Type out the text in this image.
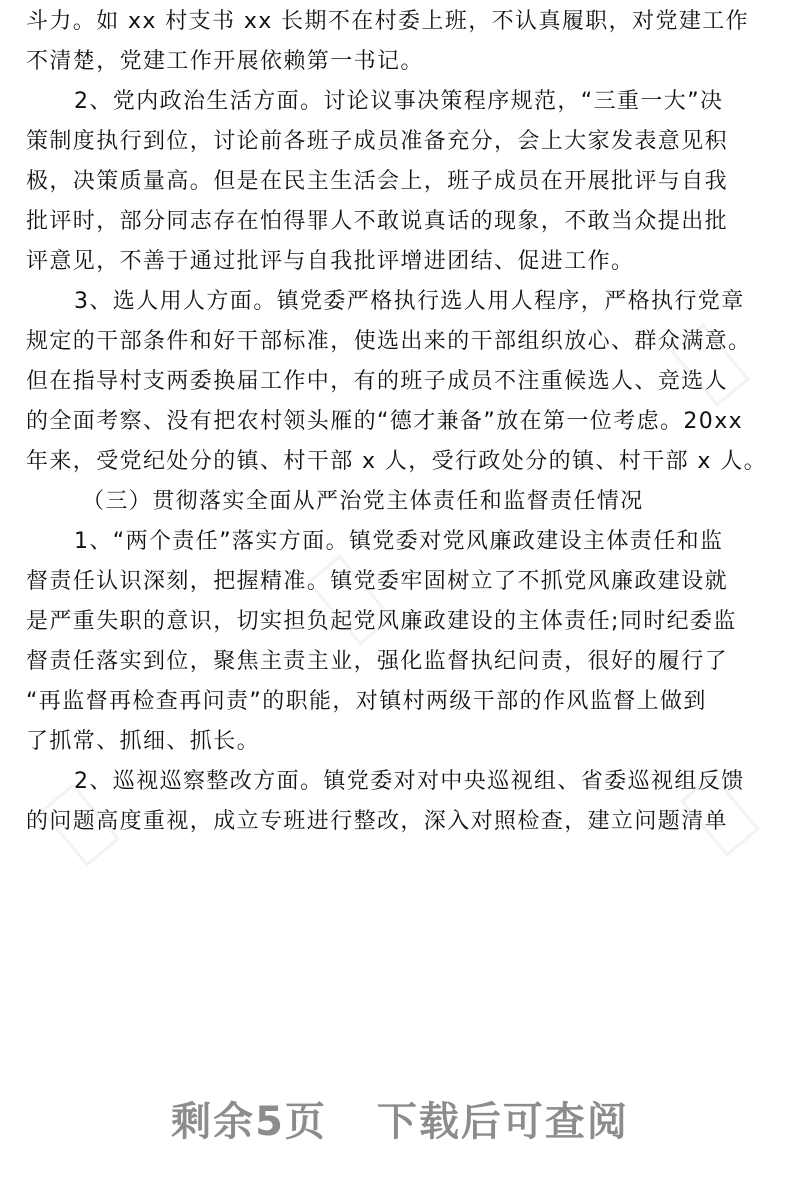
斗力。如 xx 村支书 xx 长期不在村委上班，不认真履职，对党建工作
不清楚，党建工作开展依赖第一书记。
2、党内政治生活方面。讨论议事决策程序规范，“三重一大”决
策制度执行到位，讨论前各班子成员准备充分，会上大家发表意见积
极，决策质量高。但是在民主生活会上，班子成员在开展批评与自我
批评时，部分同志存在怕得罪人不敢说真话的现象，不敢当众提出批
评意见，不善于通过批评与自我批评增进团结、促进工作。
3、选人用人方面。镇党委严格执行选人用人程序，严格执行党章
规定的干部条件和好干部标准，使选出来的干部组织放心、群众满意。
但在指导村支两委换届工作中，有的班子成员不注重候选人、竞选人
的全面考察、没有把农村领头雁的“德才兼备”放在第一位考虑。20xx
年来，受党纪处分的镇、村干部 x 人，受行政处分的镇、村干部 x 人。
（三）贯彻落实全面从严治党主体责任和监督责任情况
1、“两个责任”落实方面。镇党委对党风廉政建设主体责任和监
督责任认识深刻，把握精准。镇党委牢固树立了不抓党风廉政建设就
是严重失职的意识，切实担负起党风廉政建设的主体责任;同时纪委监
督责任落实到位，聚焦主责主业，强化监督执纪问责，很好的履行了
“再监督再检查再问责”的职能，对镇村两级干部的作风监督上做到
了抓常、抓细、抓长。
2、巡视巡察整改方面。镇党委对对中央巡视组、省委巡视组反馈
的问题高度重视，成立专班进行整改，深入对照检查，建立问题清单
剩余5页 下载后可查阅
